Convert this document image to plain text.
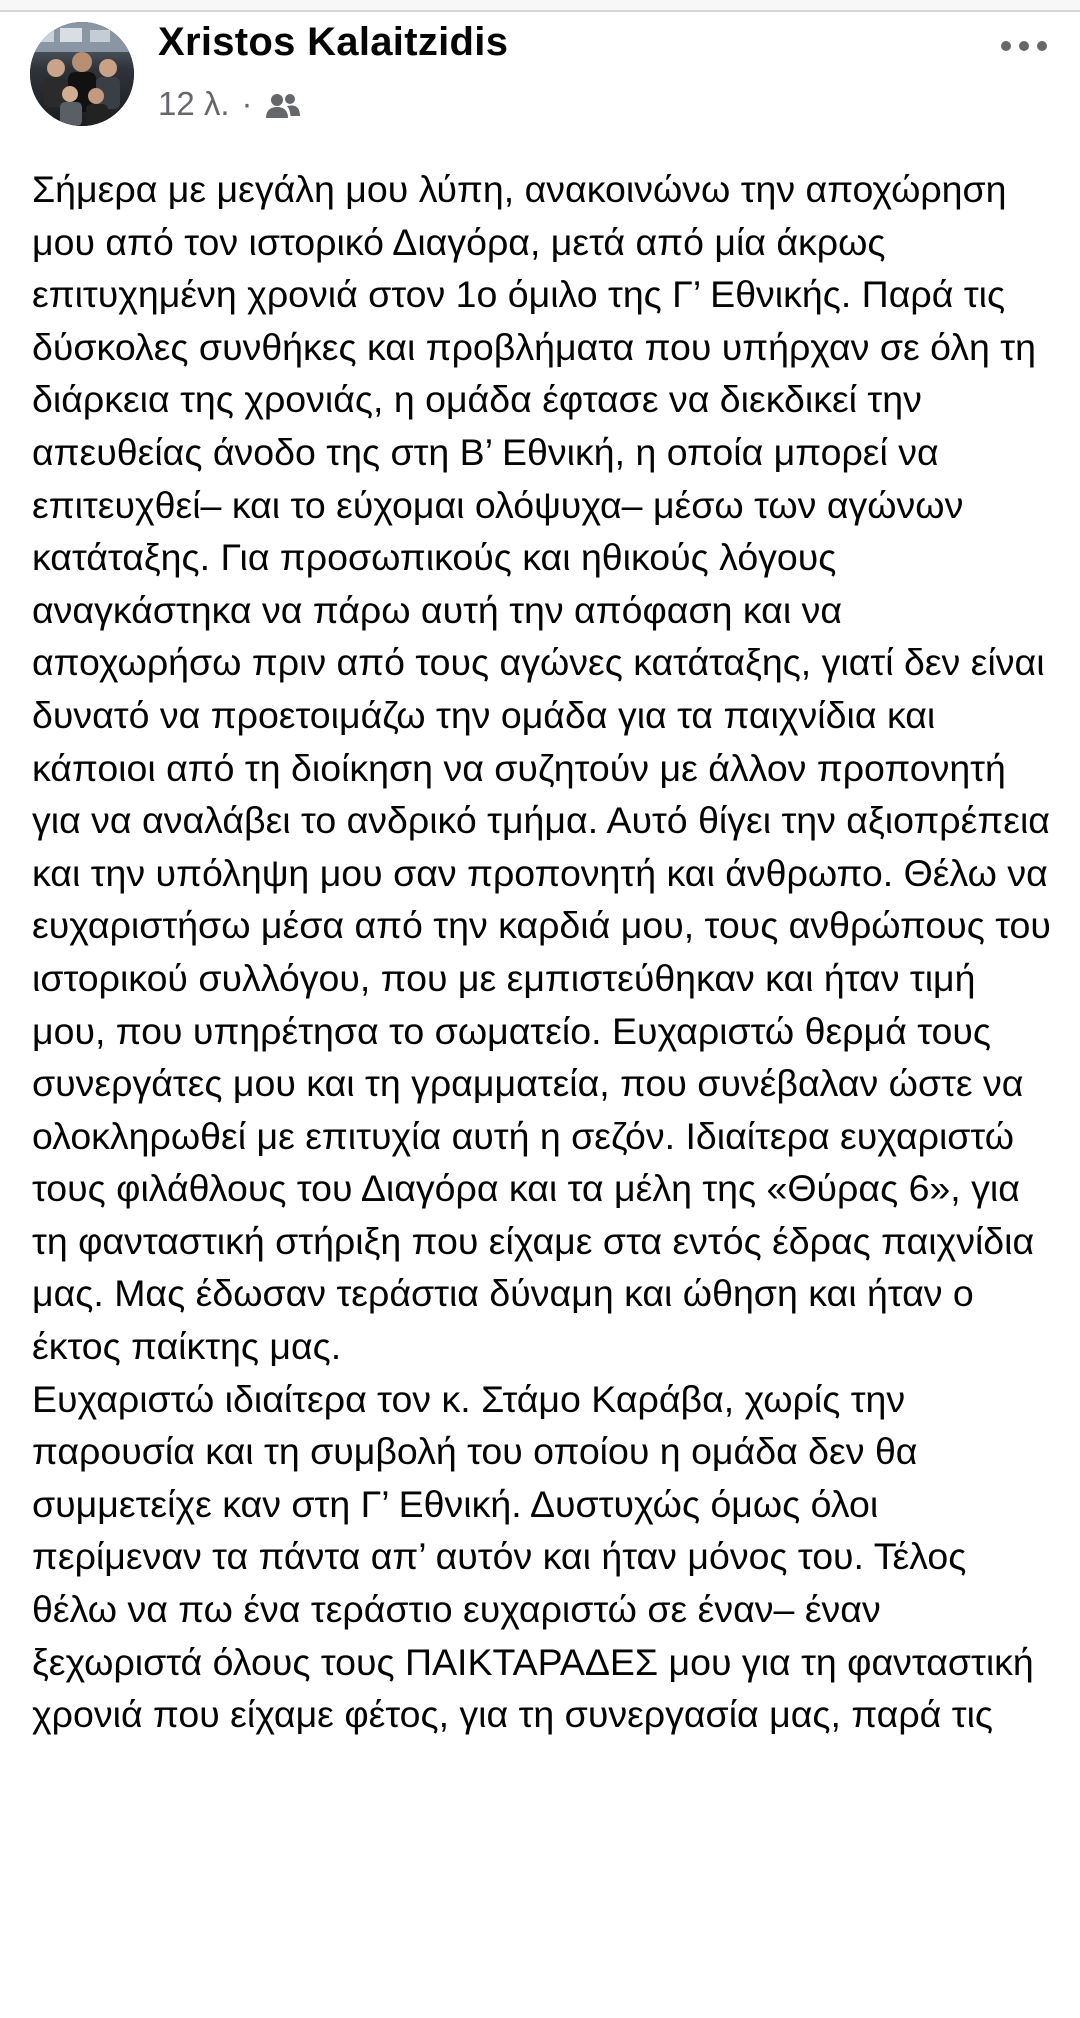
Xristos Kalaitzidis
12 λ. ·

Σήμερα με μεγάλη μου λύπη, ανακοινώνω την αποχώρηση μου από τον ιστορικό Διαγόρα, μετά από μία άκρως επιτυχημένη χρονιά στον 1ο όμιλο της Γ’ Εθνικής. Παρά τις δύσκολες συνθήκες και προβλήματα που υπήρχαν σε όλη τη διάρκεια της χρονιάς, η ομάδα έφτασε να διεκδικεί την απευθείας άνοδο της στη Β’ Εθνική, η οποία μπορεί να επιτευχθεί– και το εύχομαι ολόψυχα– μέσω των αγώνων κατάταξης. Για προσωπικούς και ηθικούς λόγους αναγκάστηκα να πάρω αυτή την απόφαση και να αποχωρήσω πριν από τους αγώνες κατάταξης, γιατί δεν είναι δυνατό να προετοιμάζω την ομάδα για τα παιχνίδια και κάποιοι από τη διοίκηση να συζητούν με άλλον προπονητή για να αναλάβει το ανδρικό τμήμα. Αυτό θίγει την αξιοπρέπεια και την υπόληψη μου σαν προπονητή και άνθρωπο. Θέλω να ευχαριστήσω μέσα από την καρδιά μου, τους ανθρώπους του ιστορικού συλλόγου, που με εμπιστεύθηκαν και ήταν τιμή μου, που υπηρέτησα το σωματείο. Ευχαριστώ θερμά τους συνεργάτες μου και τη γραμματεία, που συνέβαλαν ώστε να ολοκληρωθεί με επιτυχία αυτή η σεζόν. Ιδιαίτερα ευχαριστώ τους φιλάθλους του Διαγόρα και τα μέλη της «Θύρας 6», για τη φανταστική στήριξη που είχαμε στα εντός έδρας παιχνίδια μας. Μας έδωσαν τεράστια δύναμη και ώθηση και ήταν ο έκτος παίκτης μας.

Ευχαριστώ ιδιαίτερα τον κ. Στάμο Καράβα, χωρίς την παρουσία και τη συμβολή του οποίου η ομάδα δεν θα συμμετείχε καν στη Γ’ Εθνική. Δυστυχώς όμως όλοι περίμεναν τα πάντα απ’ αυτόν και ήταν μόνος του. Τέλος θέλω να πω ένα τεράστιο ευχαριστώ σε έναν– έναν ξεχωριστά όλους τους ΠΑΙΚΤΑΡΑΔΕΣ μου για τη φανταστική χρονιά που είχαμε φέτος, για τη συνεργασία μας, παρά τις
